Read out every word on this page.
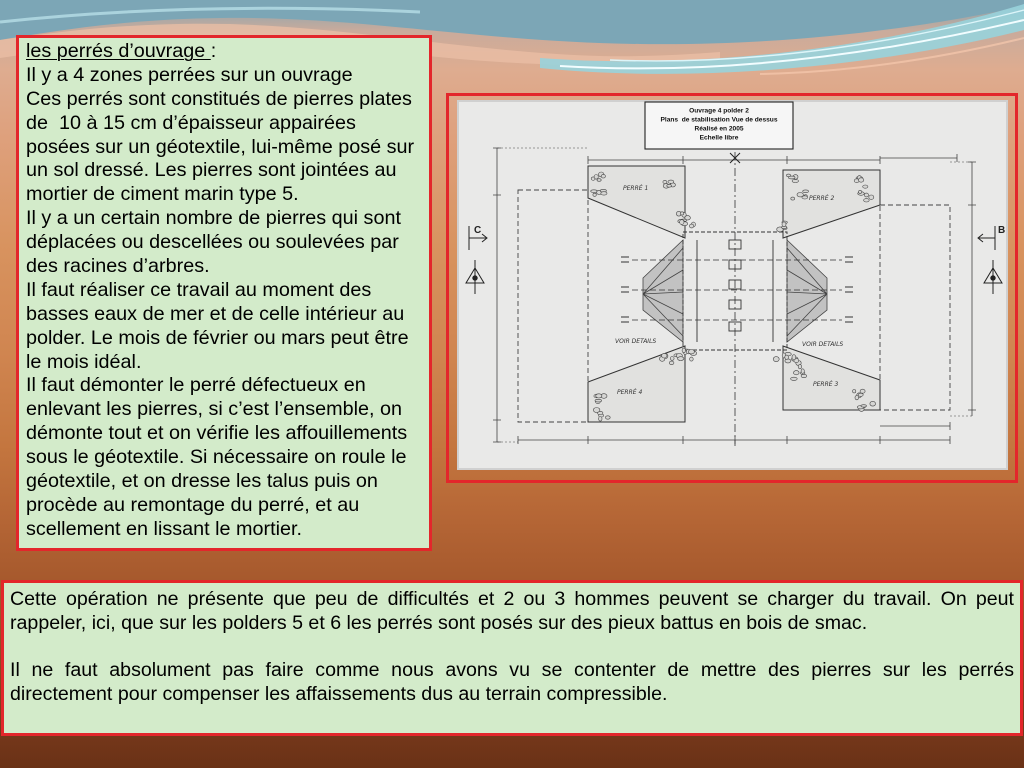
les perrés d’ouvrage :
Il y a 4 zones perrées sur un ouvrage
Ces perrés sont constitués de pierres plates
de  10 à 15 cm d’épaisseur appairées
posées sur un géotextile, lui-même posé sur
un sol dressé. Les pierres sont jointées au
mortier de ciment marin type 5.
Il y a un certain nombre de pierres qui sont
déplacées ou descellées ou soulevées par
des racines d’arbres.
Il faut réaliser ce travail au moment des
basses eaux de mer et de celle intérieur au
polder. Le mois de février ou mars peut être
le mois idéal.
Il faut démonter le perré défectueux en
enlevant les pierres, si c’est l’ensemble, on
démonte tout et on vérifie les affouillements
sous le géotextile. Si nécessaire on roule le
géotextile, et on dresse les talus puis on
procède au remontage du perré, et au
scellement en lissant le mortier.
Ouvrage 4 polder 2
Plans  de stabilisation Vue de dessus
Réalisé en 2005
Echelle libre
C	B
PERRÉ 1
PERRÉ 2
PERRÉ 3
PERRÉ 4
VOIR DETAILS	VOIR DETAILS
Cette opération ne présente que peu de difficultés et 2 ou 3 hommes peuvent se charger du travail. On peut
rappeler, ici, que sur les polders 5 et 6 les perrés sont posés sur des pieux battus en bois de smac.
Il ne faut absolument pas faire comme nous avons vu se contenter de mettre des pierres sur les perrés
directement pour compenser les affaissements dus au terrain compressible.
